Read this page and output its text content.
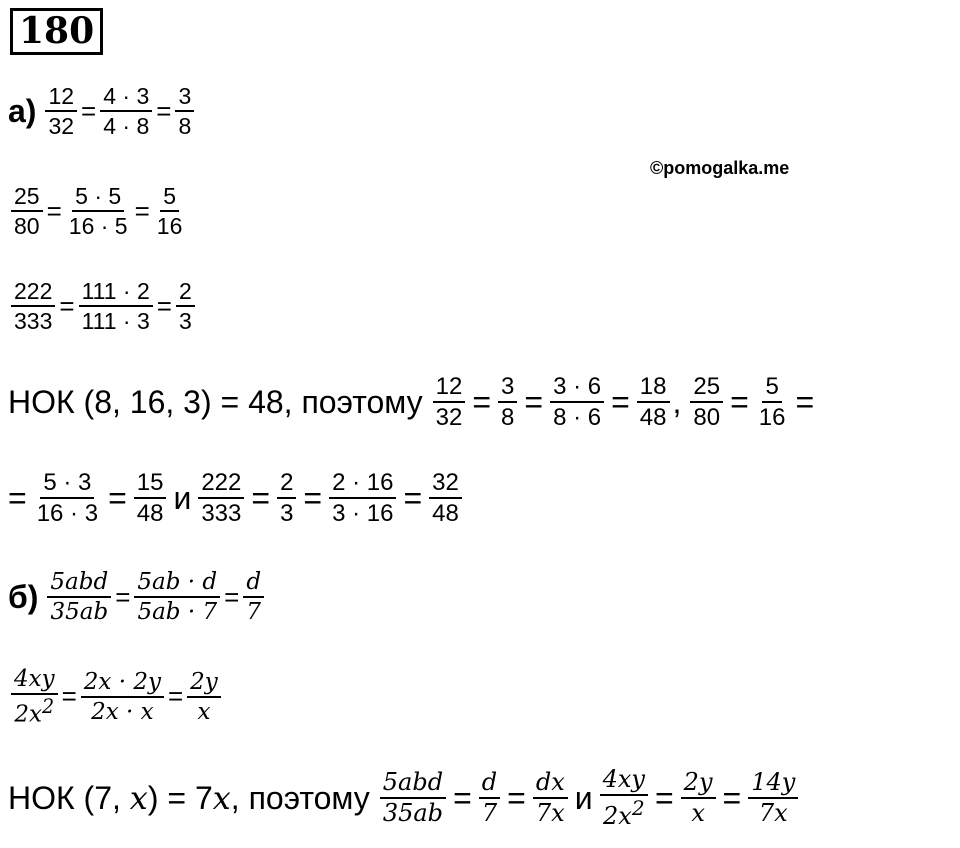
180
©pomogalka.me
$а) \frac{12}{32} = \frac{4 \cdot 3}{4 \cdot 8} = \frac{3}{8}$
$\frac{25}{80} = \frac{5 \cdot 5}{16 \cdot 5} = \frac{5}{16}$
$\frac{222}{333} = \frac{111 \cdot 2}{111 \cdot 3} = \frac{2}{3}$
НОК (8, 16, 3) = 48, поэтому $\frac{12}{32} = \frac{3}{8} = \frac{3 \cdot 6}{8 \cdot 6} = \frac{18}{48}$ , $\frac{25}{80} = \frac{5}{16}$ =
= $\frac{5 \cdot 3}{16 \cdot 3} = \frac{15}{48}$ и $\frac{222}{333} = \frac{2}{3} = \frac{2 \cdot 16}{3 \cdot 16} = \frac{32}{48}$
$б) \frac{\text{5abd}}{35ab} = \frac{5ab \cdot d}{5ab \cdot 7} = \frac{d}{7}$
$\frac{4xy}{2x^2} = \frac{2x \cdot 2y}{2x \cdot x} = \frac{2y}{x}$
НОК (7, x) = 7x, поэтому $\frac{\text{5abd}}{35ab} = \frac{d}{7} = \frac{dx}{7x}$ и $\frac{4xy}{2x^2} = \frac{2y}{x} = \frac{14y}{7x}$
